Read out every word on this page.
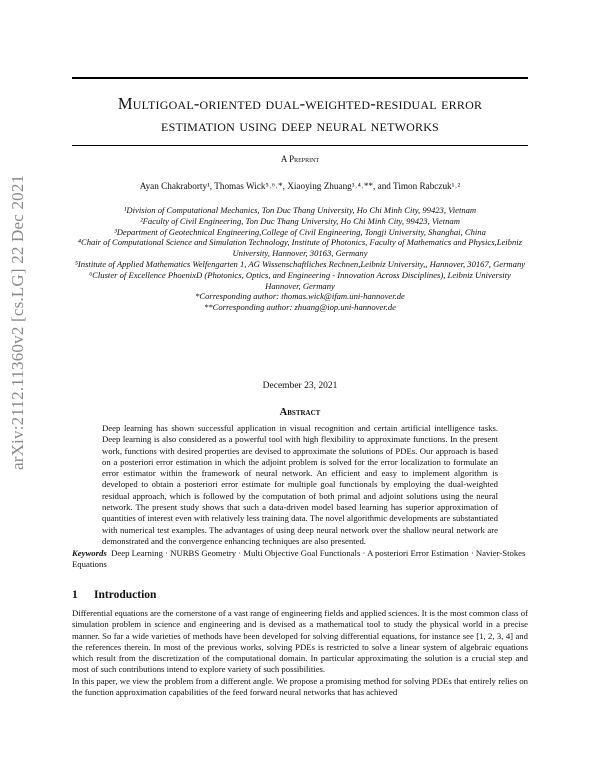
arXiv:2112.11360v2 [cs.LG] 22 Dec 2021
Multigoal-oriented dual-weighted-residual error
estimation using deep neural networks
A Preprint
Ayan Chakraborty¹, Thomas Wick⁵˒⁶˒*, Xiaoying Zhuang³˒⁴˒**, and Timon Rabczuk¹˒²
¹Division of Computational Mechanics, Ton Duc Thang University, Ho Chi Minh City, 99423, Vietnam
²Faculty of Civil Engineering, Ton Duc Thang University, Ho Chi Minh City, 99423, Vietnam
³Department of Geotechnical Engineering,College of Civil Engineering, Tongji University, Shanghai, China
⁴Chair of Computational Science and Simulation Technology, Institute of Photonics, Faculty of Mathematics and Physics,Leibniz University, Hannover, 30163, Germany
⁵Institute of Applied Mathematics Welfengarten 1, AG Wissenschaftliches Rechnen,Leibniz University,, Hannover, 30167, Germany
⁶Cluster of Excellence PhoenixD (Photonics, Optics, and Engineering - Innovation Across Disciplines), Leibniz University Hannover, Germany
*Corresponding author: thomas.wick@ifam.uni-hannover.de
**Corresponding author: zhuang@iop.uni-hannover.de
December 23, 2021
Abstract
Deep learning has shown successful application in visual recognition and certain artificial intelligence tasks. Deep learning is also considered as a powerful tool with high flexibility to approximate functions. In the present work, functions with desired properties are devised to approximate the solutions of PDEs. Our approach is based on a posteriori error estimation in which the adjoint problem is solved for the error localization to formulate an error estimator within the framework of neural network. An efficient and easy to implement algorithm is developed to obtain a posteriori error estimate for multiple goal functionals by employing the dual-weighted residual approach, which is followed by the computation of both primal and adjoint solutions using the neural network. The present study shows that such a data-driven model based learning has superior approximation of quantities of interest even with relatively less training data. The novel algorithmic developments are substantiated with numerical test examples. The advantages of using deep neural network over the shallow neural network are demonstrated and the convergence enhancing techniques are also presented.
Keywords Deep Learning · NURBS Geometry · Multi Objective Goal Functionals · A posteriori Error Estimation · Navier-Stokes Equations
1 Introduction

Differential equations are the cornerstone of a vast range of engineering fields and applied sciences. It is the most common class of simulation problem in science and engineering and is devised as a mathematical tool to study the physical world in a precise manner. So far a wide varieties of methods have been developed for solving differential equations, for instance see [1, 2, 3, 4] and the references therein. In most of the previous works, solving PDEs is restricted to solve a linear system of algebraic equations which result from the discretization of the computational domain. In particular approximating the solution is a crucial step and most of such contributions intend to explore variety of such possibilities.

In this paper, we view the problem from a different angle. We propose a promising method for solving PDEs that entirely relies on the function approximation capabilities of the feed forward neural networks that has achieved
